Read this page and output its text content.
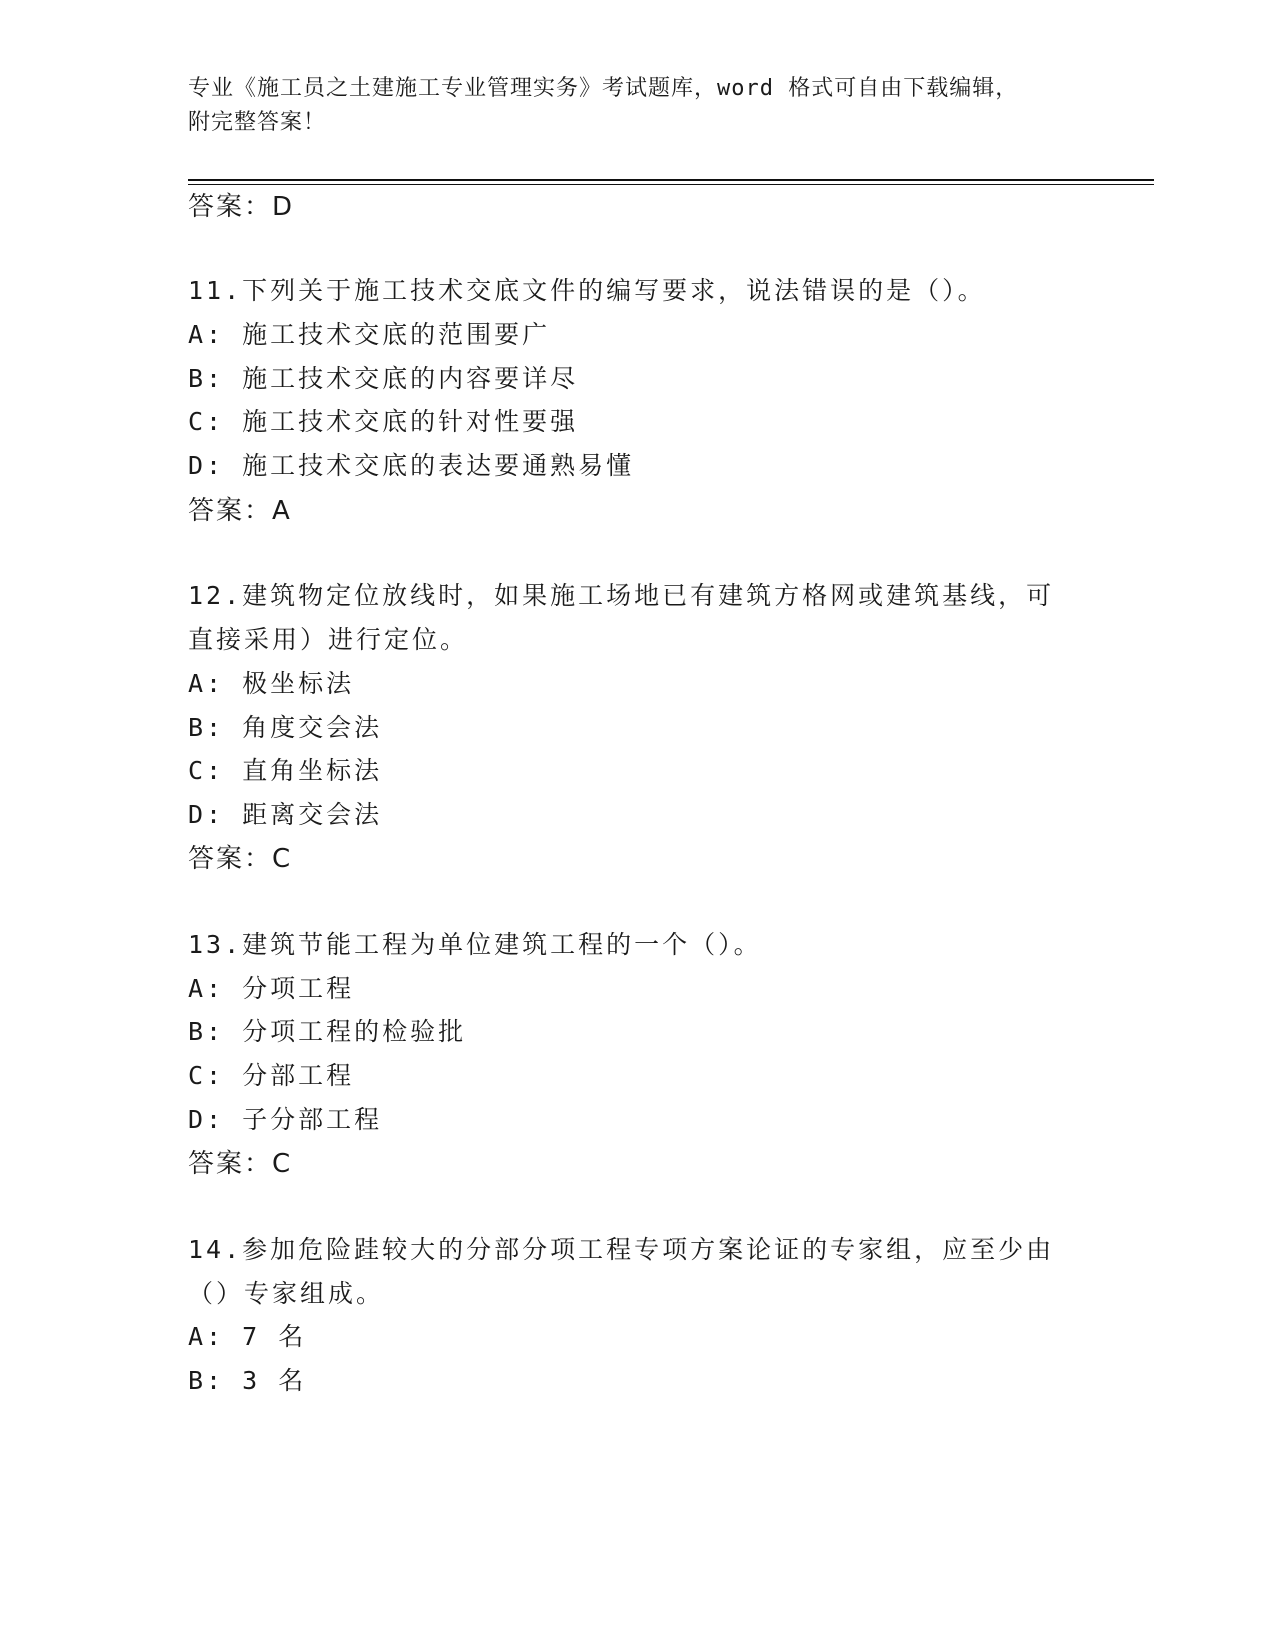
专业《施工员之土建施工专业管理实务》考试题库，word 格式可自由下载编辑，
附完整答案！
答案：D
11.下列关于施工技术交底文件的编写要求，说法错误的是（）。
A: 施工技术交底的范围要广
B: 施工技术交底的内容要详尽
C: 施工技术交底的针对性要强
D: 施工技术交底的表达要通熟易懂
答案：A
12.建筑物定位放线时，如果施工场地已有建筑方格网或建筑基线，可
直接采用）进行定位。
A: 极坐标法
B: 角度交会法
C: 直角坐标法
D: 距离交会法
答案：C
13.建筑节能工程为单位建筑工程的一个（）。
A: 分项工程
B: 分项工程的检验批
C: 分部工程
D: 子分部工程
答案：C
14.参加危险跬较大的分部分项工程专项方案论证的专家组，应至少由
（）专家组成。
A: 7 名
B: 3 名
